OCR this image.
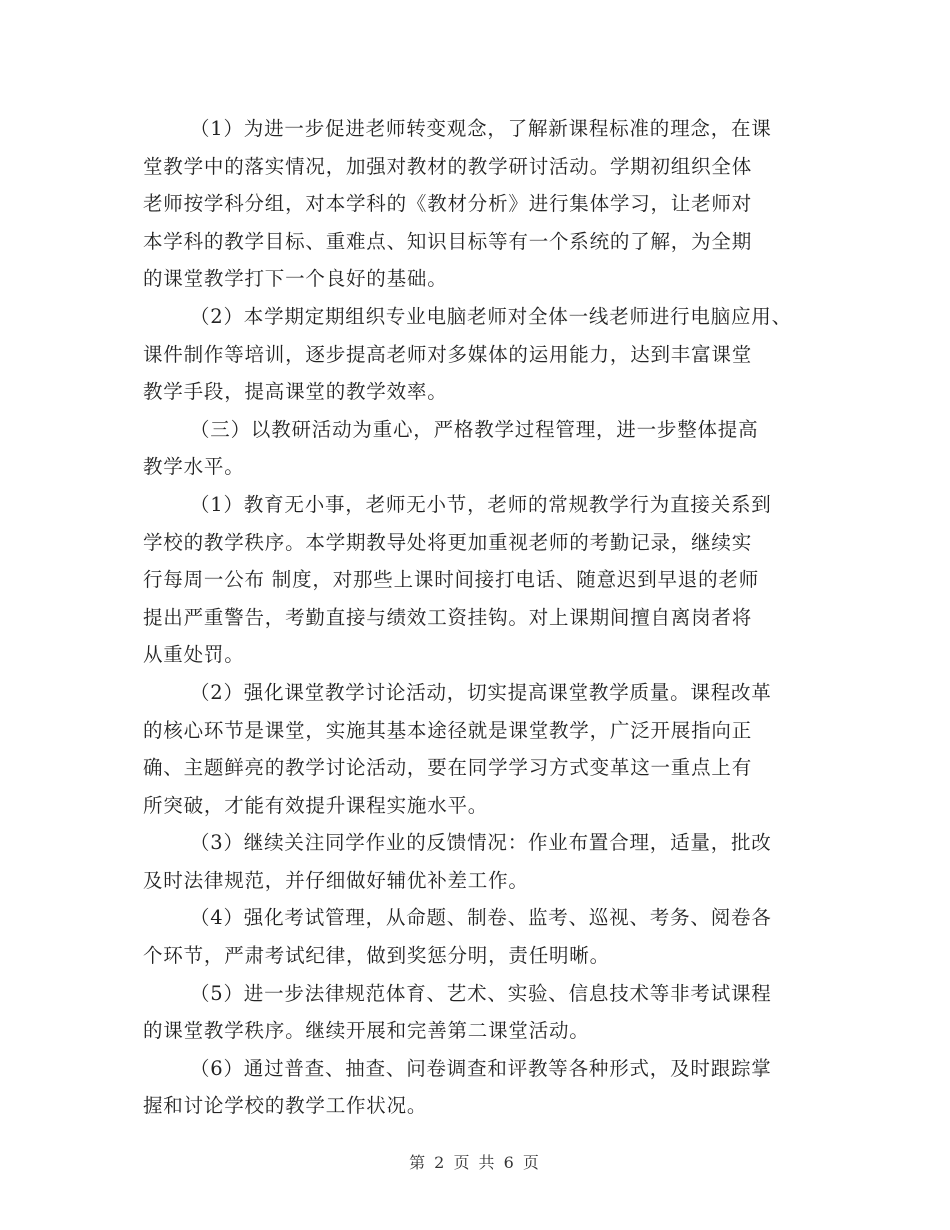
（1）为进一步促进老师转变观念，了解新课程标准的理念，在课
堂教学中的落实情况，加强对教材的教学研讨活动。学期初组织全体
老师按学科分组，对本学科的《教材分析》进行集体学习，让老师对
本学科的教学目标、重难点、知识目标等有一个系统的了解，为全期
的课堂教学打下一个良好的基础。
（2）本学期定期组织专业电脑老师对全体一线老师进行电脑应用、
课件制作等培训，逐步提高老师对多媒体的运用能力，达到丰富课堂
教学手段，提高课堂的教学效率。
（三）以教研活动为重心，严格教学过程管理，进一步整体提高
教学水平。
（1）教育无小事，老师无小节，老师的常规教学行为直接关系到
学校的教学秩序。本学期教导处将更加重视老师的考勤记录，继续实
行每周一公布 制度，对那些上课时间接打电话、随意迟到早退的老师
提出严重警告，考勤直接与绩效工资挂钩。对上课期间擅自离岗者将
从重处罚。
（2）强化课堂教学讨论活动，切实提高课堂教学质量。课程改革
的核心环节是课堂，实施其基本途径就是课堂教学，广泛开展指向正
确、主题鲜亮的教学讨论活动，要在同学学习方式变革这一重点上有
所突破，才能有效提升课程实施水平。
（3）继续关注同学作业的反馈情况：作业布置合理，适量，批改
及时法律规范，并仔细做好辅优补差工作。
（4）强化考试管理，从命题、制卷、监考、巡视、考务、阅卷各
个环节，严肃考试纪律，做到奖惩分明，责任明晰。
（5）进一步法律规范体育、艺术、实验、信息技术等非考试课程
的课堂教学秩序。继续开展和完善第二课堂活动。
（6）通过普查、抽查、问卷调查和评教等各种形式，及时跟踪掌
握和讨论学校的教学工作状况。
第 2 页 共 6 页
